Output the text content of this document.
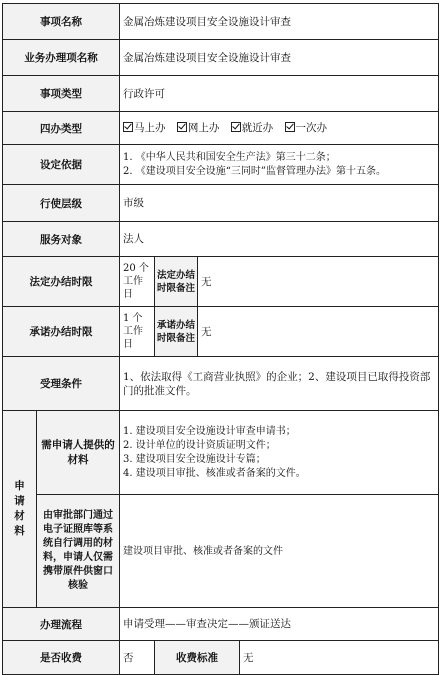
事项名称		金属冶炼建设项目安全设施设计审查			
业务办理项名称		金属冶炼建设项目安全设施设计审查			
事项类型		行政许可			
四办类型		马上办 网上办 就近办 一次办			
设定依据		1. 《中华人民共和国安全生产法》第三十二条；
2. 《建设项目安全设施“三同时”监督管理办法》第十五条。			

行使层级		市级			
服务对象		法人			
法定办结时限		20 个工作日	法定办结时限备注	无	
承诺办结时限		1 个工作日	承诺办结时限备注	无	
受理条件		1、依法取得《工商营业执照》的企业；2、建设项目已取得投资部门的批准文件。			
申请材料	需申请人提供的材料	1. 建设项目安全设施设计审查申请书；
2. 设计单位的设计资质证明文件；
3. 建设项目安全设施设计专篇；
4. 建设项目审批、核准或者备案的文件。			

	由审批部门通过电子证照库等系统自行调用的材料，申请人仅需携带原件供窗口核验	建设项目审批、核准或者备案的文件			
办理流程		申请受理——审查决定——颁证送达			
是否收费		否	收费标准		无
